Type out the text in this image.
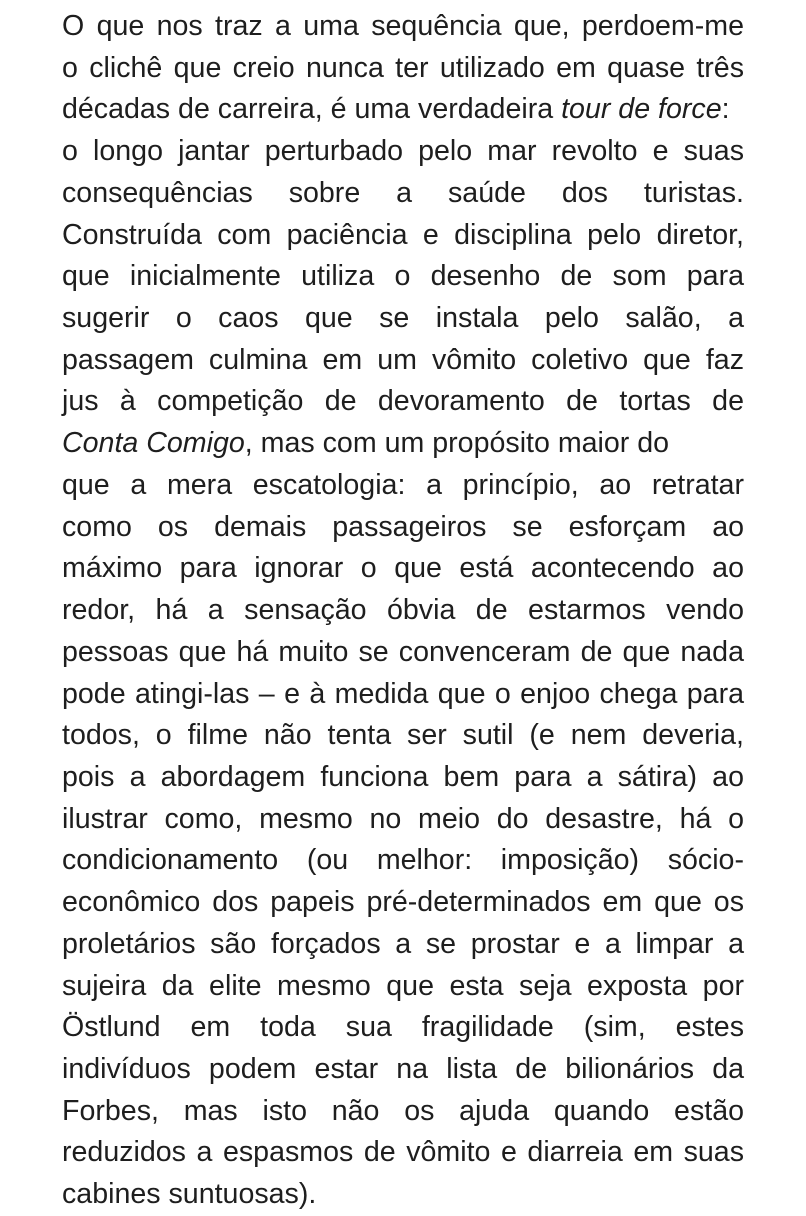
O que nos traz a uma sequência que, perdoem-me
o clichê que creio nunca ter utilizado em quase três
décadas de carreira, é uma verdadeira tour de force:
o longo jantar perturbado pelo mar revolto e suas
consequências sobre a saúde dos turistas.
Construída com paciência e disciplina pelo diretor,
que inicialmente utiliza o desenho de som para
sugerir o caos que se instala pelo salão, a
passagem culmina em um vômito coletivo que faz
jus à competição de devoramento de tortas de
Conta Comigo, mas com um propósito maior do
que a mera escatologia: a princípio, ao retratar
como os demais passageiros se esforçam ao
máximo para ignorar o que está acontecendo ao
redor, há a sensação óbvia de estarmos vendo
pessoas que há muito se convenceram de que nada
pode atingi-las – e à medida que o enjoo chega para
todos, o filme não tenta ser sutil (e nem deveria,
pois a abordagem funciona bem para a sátira) ao
ilustrar como, mesmo no meio do desastre, há o
condicionamento (ou melhor: imposição) sócio-
econômico dos papeis pré-determinados em que os
proletários são forçados a se prostar e a limpar a
sujeira da elite mesmo que esta seja exposta por
Östlund em toda sua fragilidade (sim, estes
indivíduos podem estar na lista de bilionários da
Forbes, mas isto não os ajuda quando estão
reduzidos a espasmos de vômito e diarreia em suas
cabines suntuosas).
